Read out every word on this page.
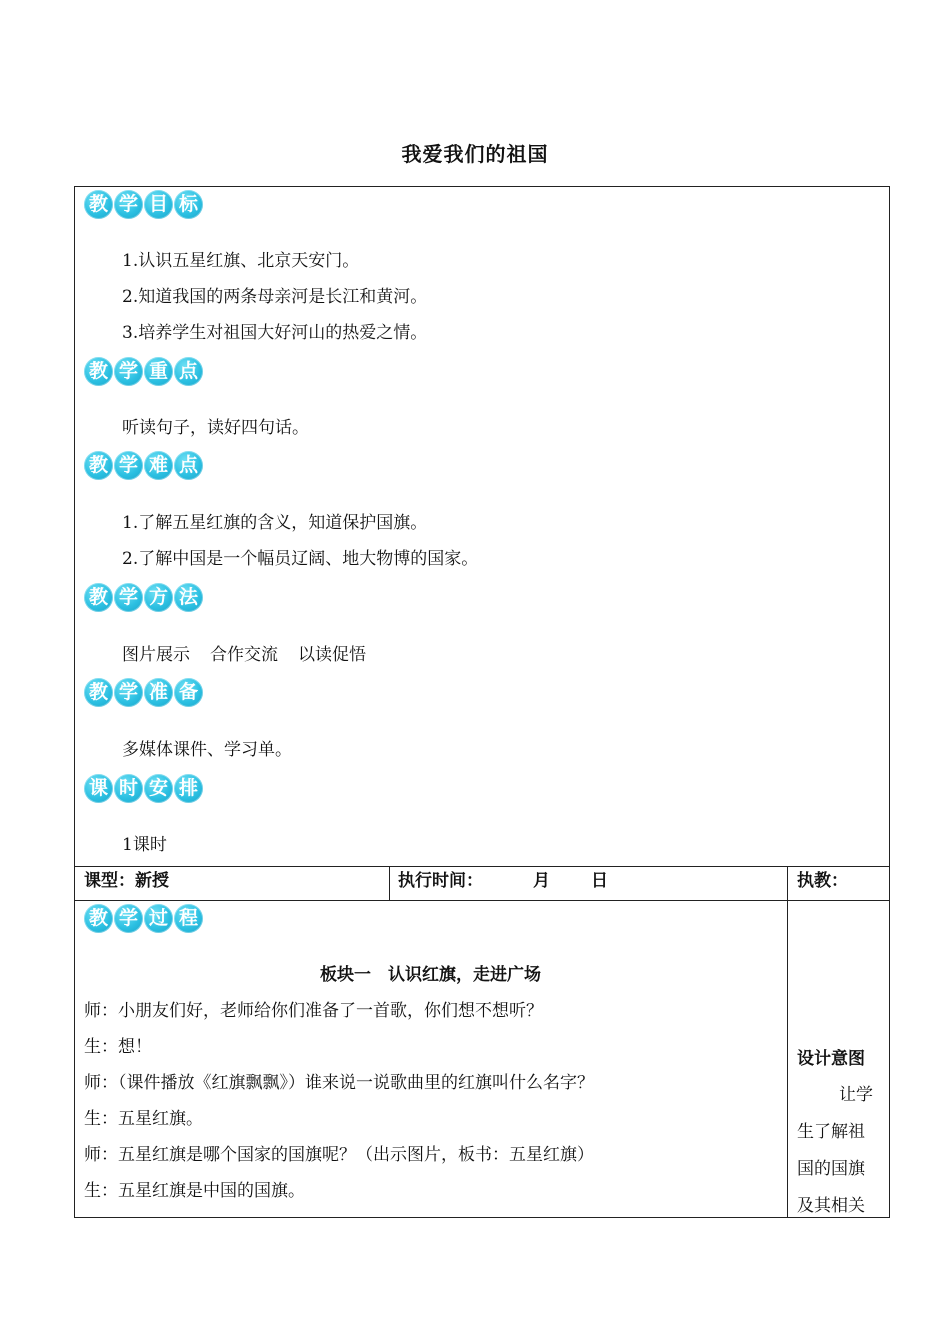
我爱我们的祖国
教 学 目 标
1.认识五星红旗、北京天安门。
2.知道我国的两条母亲河是长江和黄河。
3.培养学生对祖国大好河山的热爱之情。
教 学 重 点
听读句子，读好四句话。
教 学 难 点
1.了解五星红旗的含义，知道保护国旗。
2.了解中国是一个幅员辽阔、地大物博的国家。
教 学 方 法
图片展示 合作交流 以读促悟
教 学 准 备
多媒体课件、学习单。
课 时 安 排
1课时
课型：新授	执行时间：	月 日	执教：
教 学 过 程
板块一　认识红旗，走进广场
师：小朋友们好，老师给你们准备了一首歌，你们想不想听？
生：想！
师：（课件播放《红旗飘飘》）谁来说一说歌曲里的红旗叫什么名字？
生：五星红旗。
师：五星红旗是哪个国家的国旗呢？（出示图片，板书：五星红旗）
生：五星红旗是中国的国旗。
设计意图
让学
生了解祖
国的国旗
及其相关
